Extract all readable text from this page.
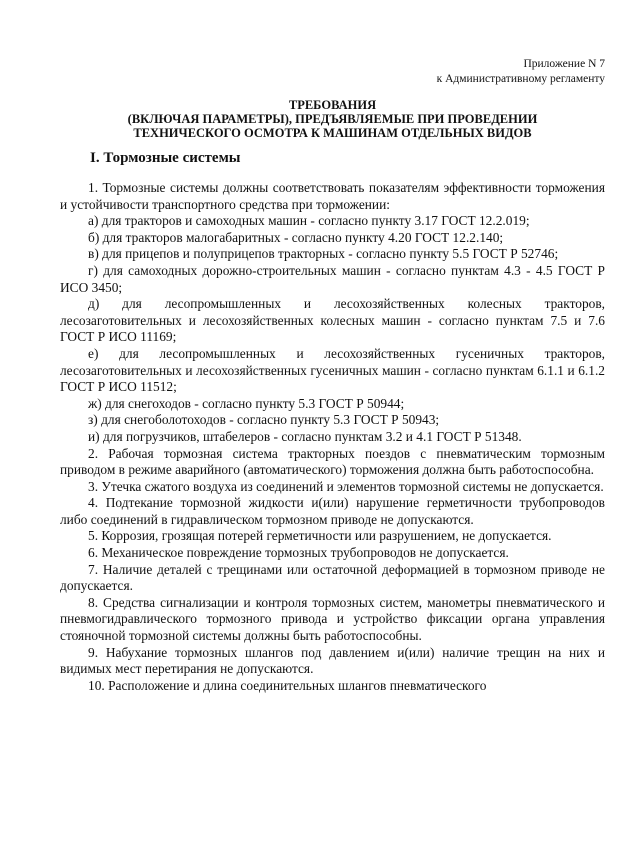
Приложение N 7
к Административному регламенту
ТРЕБОВАНИЯ
(ВКЛЮЧАЯ ПАРАМЕТРЫ), ПРЕДЪЯВЛЯЕМЫЕ ПРИ ПРОВЕДЕНИИ
ТЕХНИЧЕСКОГО ОСМОТРА К МАШИНАМ ОТДЕЛЬНЫХ ВИДОВ
I. Тормозные системы

1. Тормозные системы должны соответствовать показателям эффективности торможения и устойчивости транспортного средства при торможении:

а) для тракторов и самоходных машин - согласно пункту 3.17 ГОСТ 12.2.019;

б) для тракторов малогабаритных - согласно пункту 4.20 ГОСТ 12.2.140;

в) для прицепов и полуприцепов тракторных - согласно пункту 5.5 ГОСТ Р 52746;

г) для самоходных дорожно-строительных машин - согласно пунктам 4.3 - 4.5 ГОСТ Р ИСО 3450;

д) для лесопромышленных и лесохозяйственных колесных тракторов, лесозаготовительных и лесохозяйственных колесных машин - согласно пунктам 7.5 и 7.6 ГОСТ Р ИСО 11169;

е) для лесопромышленных и лесохозяйственных гусеничных тракторов, лесозаготовительных и лесохозяйственных гусеничных машин - согласно пунктам 6.1.1 и 6.1.2 ГОСТ Р ИСО 11512;

ж) для снегоходов - согласно пункту 5.3 ГОСТ Р 50944;

з) для снегоболотоходов - согласно пункту 5.3 ГОСТ Р 50943;

и) для погрузчиков, штабелеров - согласно пунктам 3.2 и 4.1 ГОСТ Р 51348.

2. Рабочая тормозная система тракторных поездов с пневматическим тормозным приводом в режиме аварийного (автоматического) торможения должна быть работоспособна.

3. Утечка сжатого воздуха из соединений и элементов тормозной системы не допускается.

4. Подтекание тормозной жидкости и(или) нарушение герметичности трубопроводов либо соединений в гидравлическом тормозном приводе не допускаются.

5. Коррозия, грозящая потерей герметичности или разрушением, не допускается.

6. Механическое повреждение тормозных трубопроводов не допускается.

7. Наличие деталей с трещинами или остаточной деформацией в тормозном приводе не допускается.

8. Средства сигнализации и контроля тормозных систем, манометры пневматического и пневмогидравлического тормозного привода и устройство фиксации органа управления стояночной тормозной системы должны быть работоспособны.

9. Набухание тормозных шлангов под давлением и(или) наличие трещин на них и видимых мест перетирания не допускаются.

10. Расположение и длина соединительных шлангов пневматического
